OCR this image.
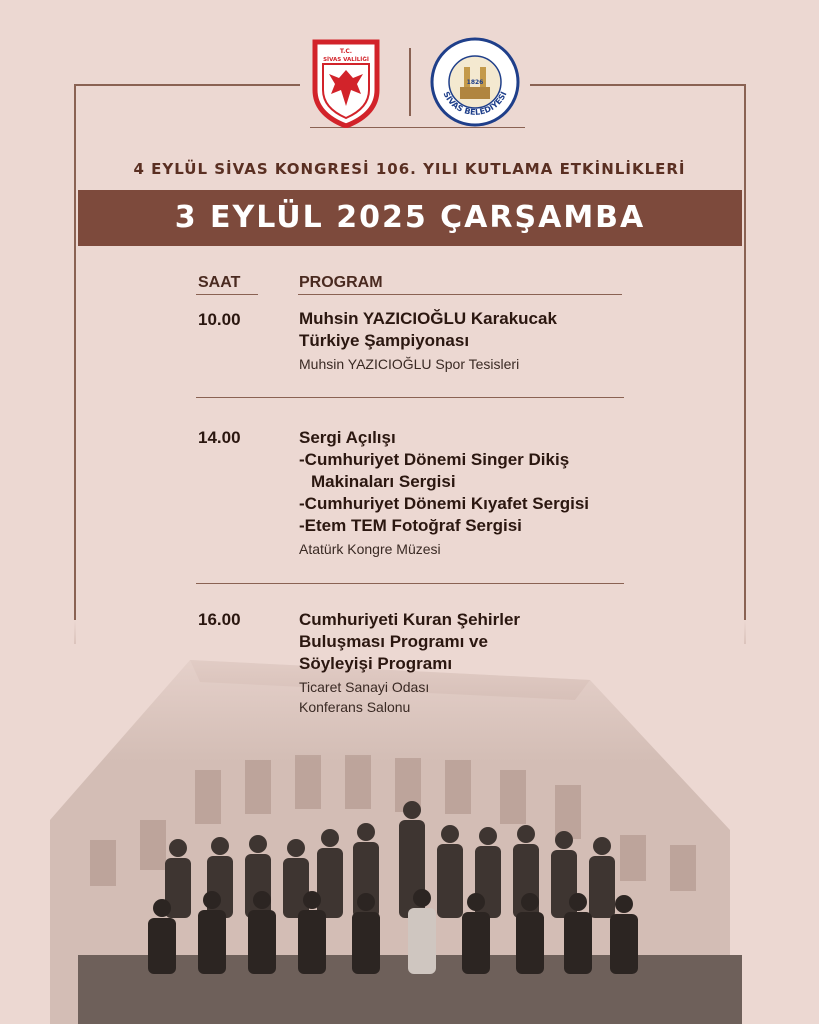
T.C.
SİVAS VALİLİĞİ
1826
SİVAS BELEDİYESİ
4 EYLÜL SİVAS KONGRESİ 106. YILI KUTLAMA ETKİNLİKLERİ
3 EYLÜL 2025 ÇARŞAMBA
SAAT	PROGRAM
10.00	Muhsin YAZICIOĞLU Karakucak
Türkiye Şampiyonası
Muhsin YAZICIOĞLU Spor Tesisleri
14.00	Sergi Açılışı
-Cumhuriyet Dönemi Singer Dikiş
Makinaları Sergisi
-Cumhuriyet Dönemi Kıyafet Sergisi
-Etem TEM Fotoğraf Sergisi
Atatürk Kongre Müzesi
16.00	Cumhuriyeti Kuran Şehirler
Buluşması Programı ve
Söyleyişi Programı
Ticaret Sanayi Odası
Konferans Salonu
